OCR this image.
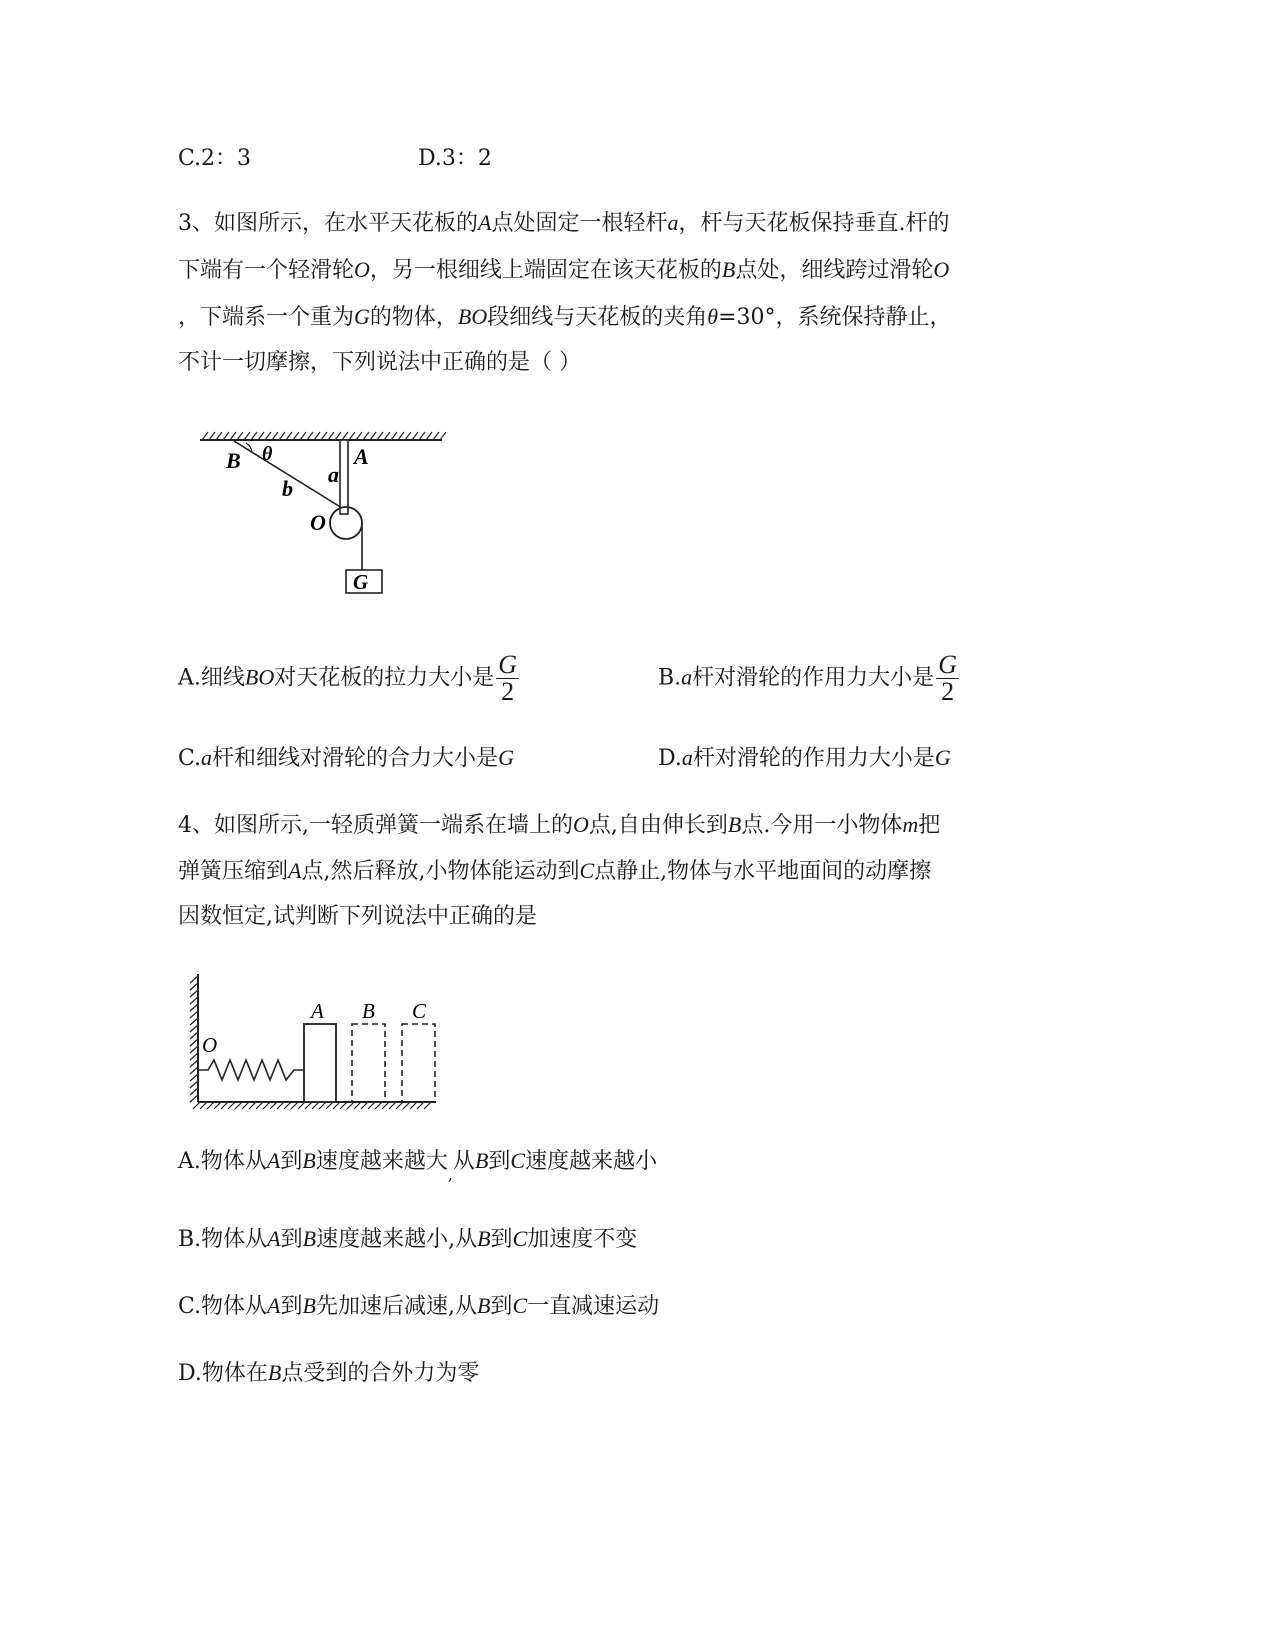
C.2：3	D.3：2
3、如图所示，在水平天花板的A点处固定一根轻杆a，杆与天花板保持垂直.杆的
下端有一个轻滑轮O，另一根细线上端固定在该天花板的B点处，细线跨过滑轮O
，下端系一个重为G的物体，BO段细线与天花板的夹角θ=30°，系统保持静止，
不计一切摩擦，下列说法中正确的是（ ）
B θ	A
a
b
O
G
A.细线BO对天花板的拉力大小是 $\frac{G}{2}$	B.a杆对滑轮的作用力大小是 $\frac{G}{2}$
C.a杆和细线对滑轮的合力大小是G	D.a杆对滑轮的作用力大小是G
4、如图所示,一轻质弹簧一端系在墙上的O点,自由伸长到B点.今用一小物体m把
弹簧压缩到A点,然后释放,小物体能运动到C点静止,物体与水平地面间的动摩擦
因数恒定,试判断下列说法中正确的是
O
A B C
A.物体从A到B速度越来越大$_,$从B到C速度越来越小
B.物体从A到B速度越来越小,从B到C加速度不变
C.物体从A到B先加速后减速,从B到C一直减速运动
D.物体在B点受到的合外力为零
